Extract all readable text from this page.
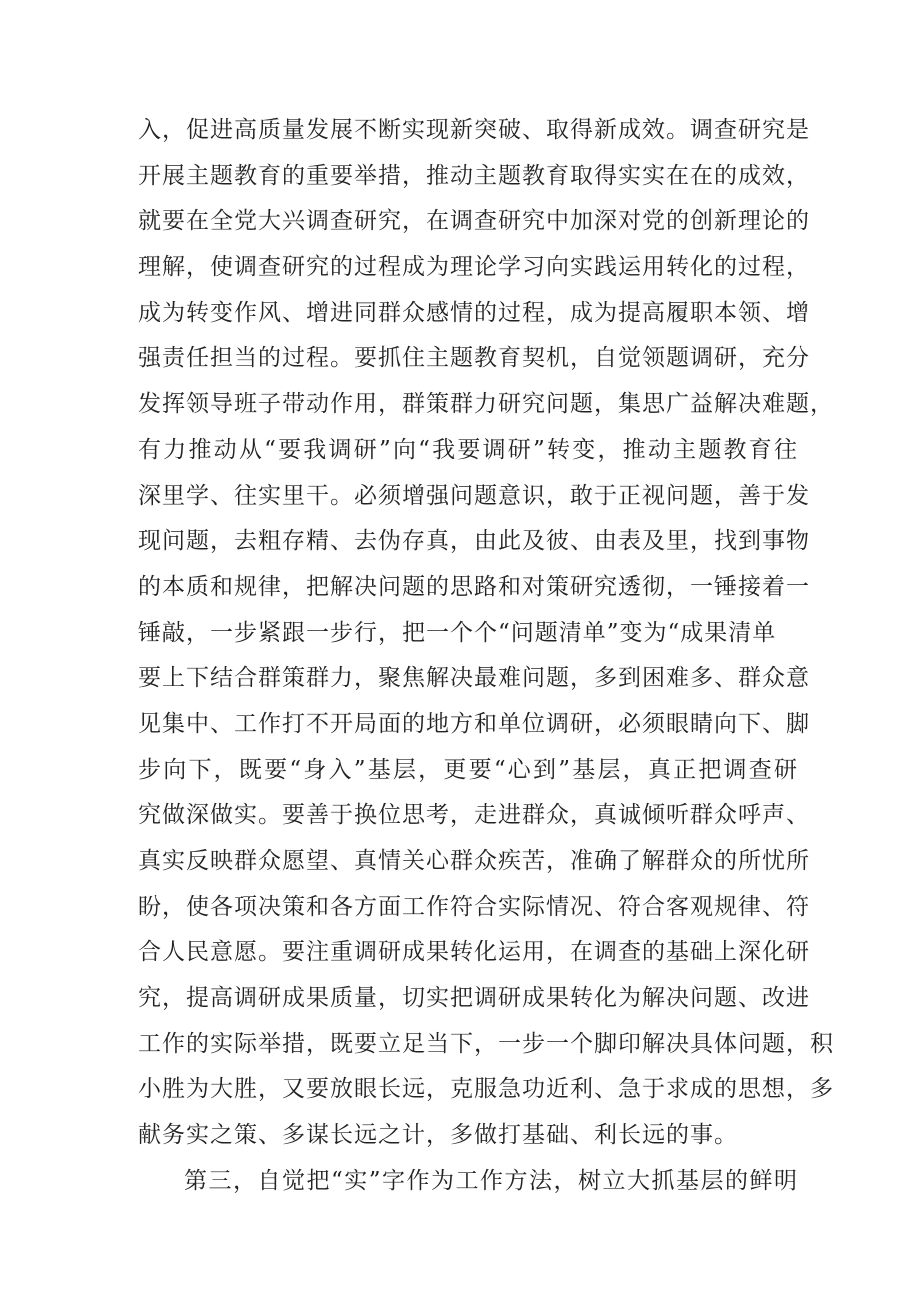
入，促进高质量发展不断实现新突破、取得新成效。调查研究是
开展主题教育的重要举措，推动主题教育取得实实在在的成效，
就要在全党大兴调查研究，在调查研究中加深对党的创新理论的
理解，使调查研究的过程成为理论学习向实践运用转化的过程，
成为转变作风、增进同群众感情的过程，成为提高履职本领、增
强责任担当的过程。要抓住主题教育契机，自觉领题调研，充分
发挥领导班子带动作用，群策群力研究问题，集思广益解决难题，
有力推动从“要我调研”向“我要调研”转变，推动主题教育往
深里学、往实里干。必须增强问题意识，敢于正视问题，善于发
现问题，去粗存精、去伪存真，由此及彼、由表及里，找到事物
的本质和规律，把解决问题的思路和对策研究透彻，一锤接着一
锤敲，一步紧跟一步行，把一个个“问题清单”变为“成果清单
要上下结合群策群力，聚焦解决最难问题，多到困难多、群众意
见集中、工作打不开局面的地方和单位调研，必须眼睛向下、脚
步向下，既要“身入”基层，更要“心到”基层，真正把调查研
究做深做实。要善于换位思考，走进群众，真诚倾听群众呼声、
真实反映群众愿望、真情关心群众疾苦，准确了解群众的所忧所
盼，使各项决策和各方面工作符合实际情况、符合客观规律、符
合人民意愿。要注重调研成果转化运用，在调查的基础上深化研
究，提高调研成果质量，切实把调研成果转化为解决问题、改进
工作的实际举措，既要立足当下，一步一个脚印解决具体问题，积
小胜为大胜，又要放眼长远，克服急功近利、急于求成的思想，多
献务实之策、多谋长远之计，多做打基础、利长远的事。
第三，自觉把“实”字作为工作方法，树立大抓基层的鲜明
